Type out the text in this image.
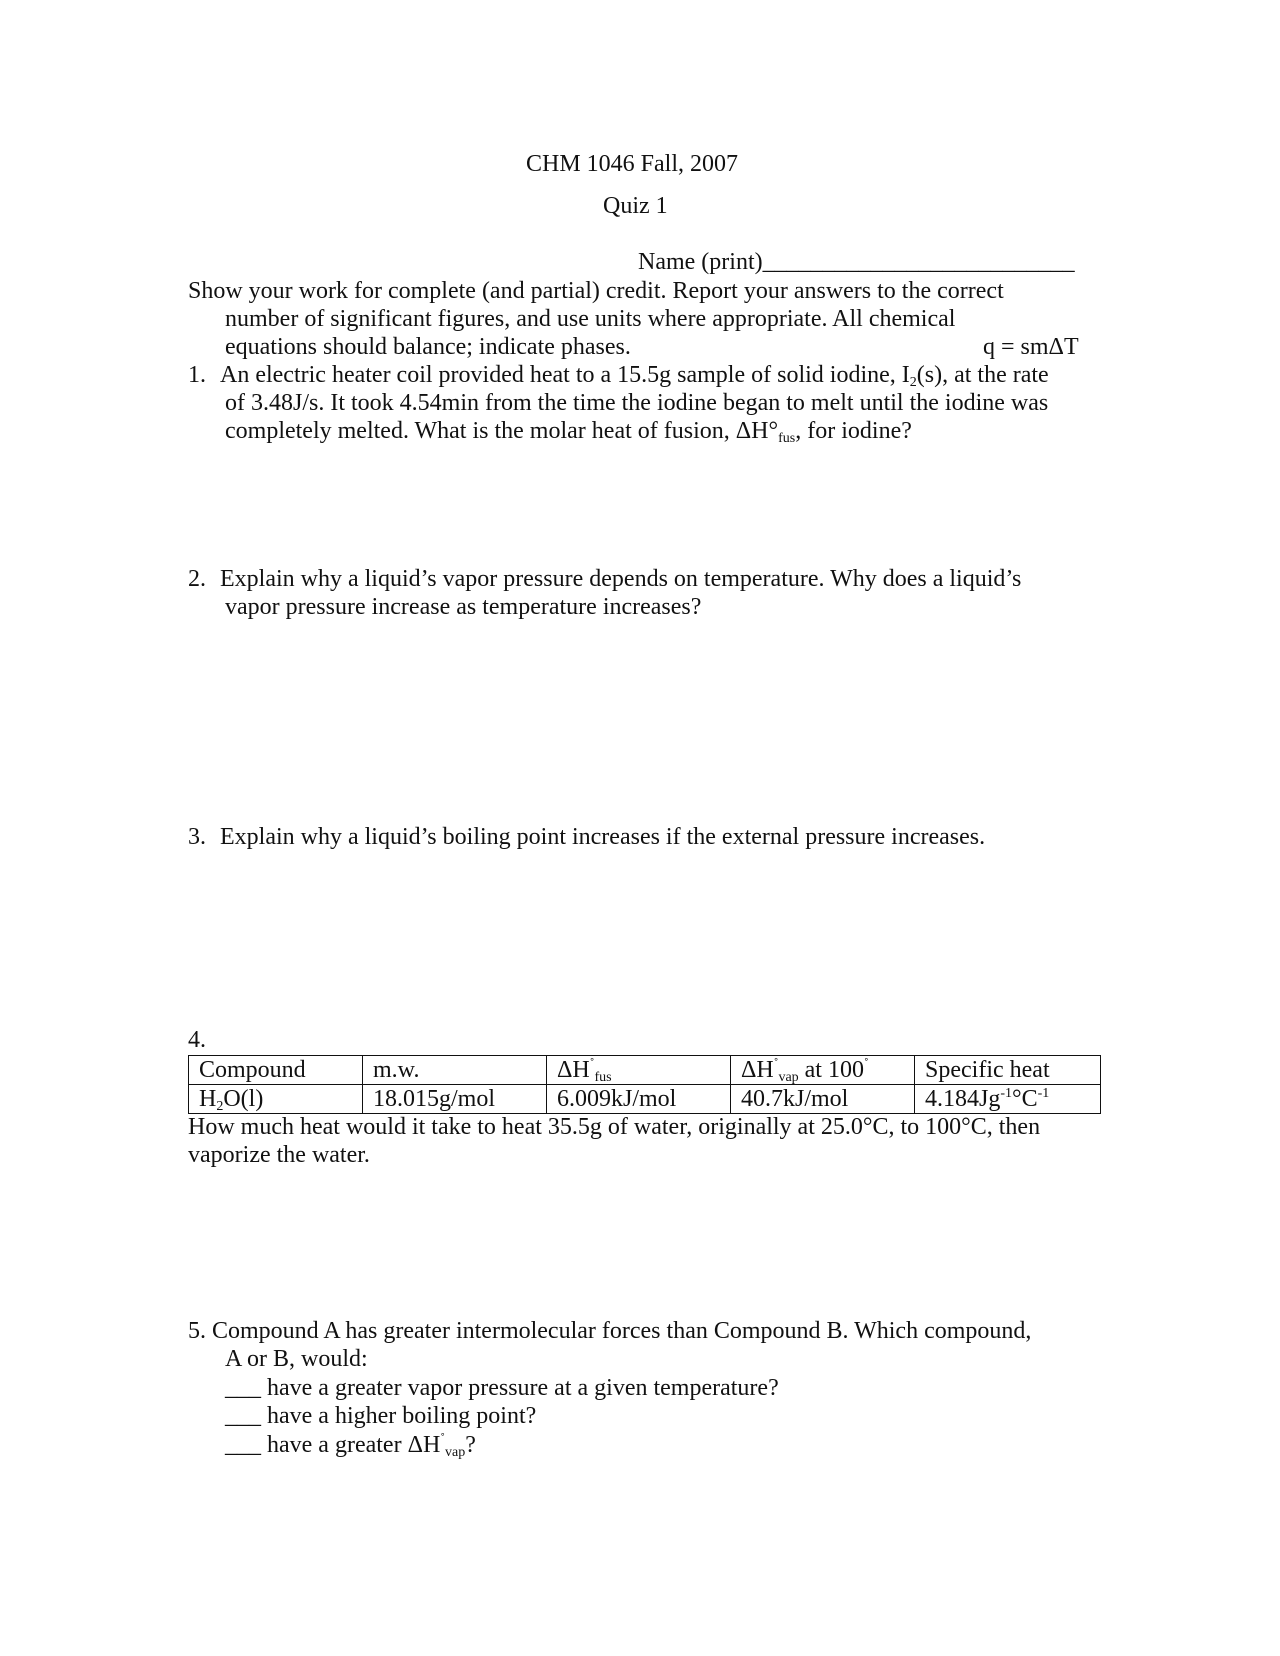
CHM 1046 Fall, 2007
Quiz 1
Name (print)__________________________
Show your work for complete (and partial) credit. Report your answers to the correct
number of significant figures, and use units where appropriate. All chemical
equations should balance; indicate phases.	q = smΔT
1. An electric heater coil provided heat to a 15.5g sample of solid iodine, $I_2(s)$, at the rate
of 3.48J/s. It took 4.54min from the time the iodine began to melt until the iodine was
completely melted. What is the molar heat of fusion, $\Delta H^\circ_{fus}$, for iodine?
2. Explain why a liquid’s vapor pressure depends on temperature. Why does a liquid’s
vapor pressure increase as temperature increases?
3. Explain why a liquid’s boiling point increases if the external pressure increases.
4.
Compound	m.w.	$\Delta H^˚_{fus}$	$\Delta H^˚_{vap}$ at 100˚	Specific heat
$H_2O(l)$	18.015g/mol	6.009kJ/mol	40.7kJ/mol	$4.184Jg^{-1}^\circ C^{-1}$
How much heat would it take to heat 35.5g of water, originally at 25.0°C, to 100°C, then
vaporize the water.
5. Compound A has greater intermolecular forces than Compound B. Which compound,
A or B, would:
___ have a greater vapor pressure at a given temperature?
___ have a higher boiling point?
___ have a greater $\Delta H^˚_{vap}$?
